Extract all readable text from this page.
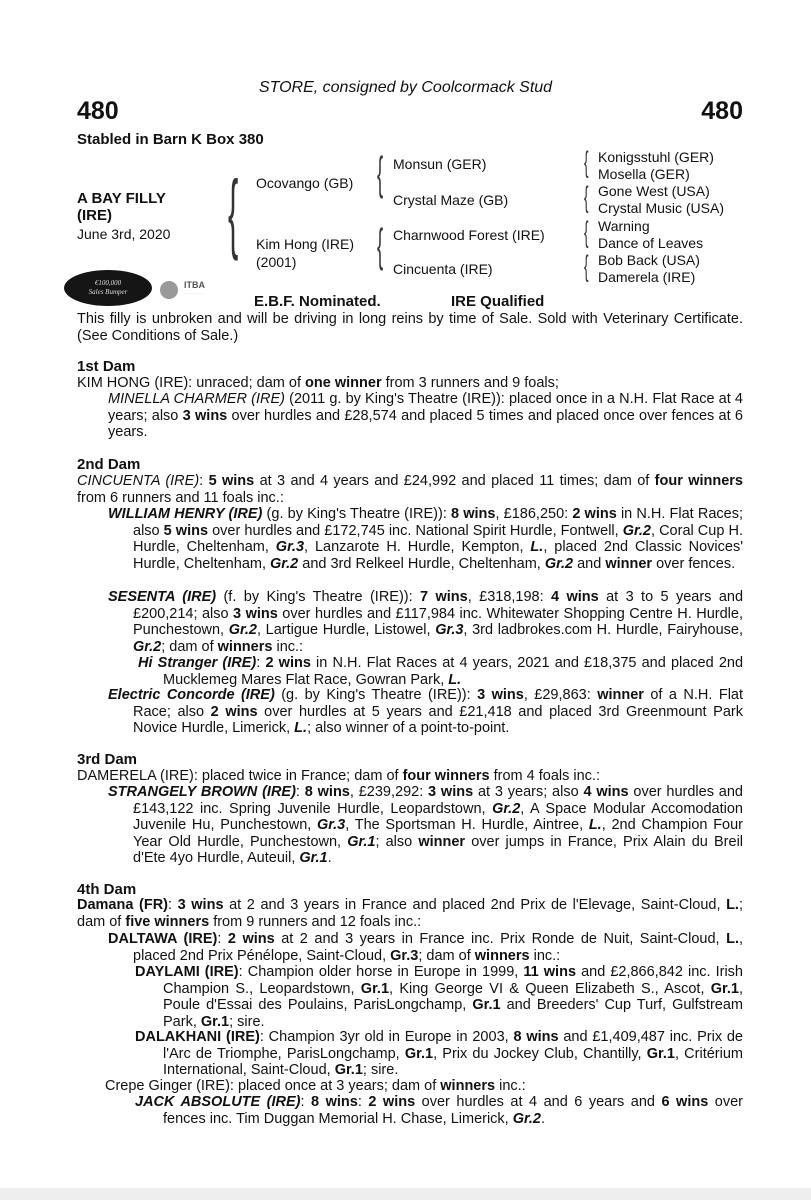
STORE, consigned by Coolcormack Stud
480	480
Stabled in Barn K Box 380
A BAY FILLY
(IRE)
June 3rd, 2020 { Ocovango (GB)
Kim Hong (IRE)
(2001)
{
{
Monsun (GER)
Crystal Maze (GB)
Charnwood Forest (IRE)
Cincuenta (IRE)
{
{
{
{
Konigsstuhl (GER)
Mosella (GER)
Gone West (USA)
Crystal Music (USA)
Warning
Dance of Leaves
Bob Back (USA)
Damerela (IRE)
€100,000
Sales Bumper
ITBA
· · · · · · ·	E.B.F. Nominated.	IRE Qualified
This filly is unbroken and will be driving in long reins by time of Sale. Sold with Veterinary Certificate. (See Conditions of Sale.)
1st Dam
KIM HONG (IRE): unraced; dam of one winner from 3 runners and 9 foals;
MINELLA CHARMER (IRE) (2011 g. by King's Theatre (IRE)): placed once in a N.H. Flat Race at 4 years; also 3 wins over hurdles and £28,574 and placed 5 times and placed once over fences at 6 years.
2nd Dam
CINCUENTA (IRE): 5 wins at 3 and 4 years and £24,992 and placed 11 times; dam of four winners from 6 runners and 11 foals inc.:
WILLIAM HENRY (IRE) (g. by King's Theatre (IRE)): 8 wins, £186,250: 2 wins in N.H. Flat Races; also 5 wins over hurdles and £172,745 inc. National Spirit Hurdle, Fontwell, Gr.2, Coral Cup H. Hurdle, Cheltenham, Gr.3, Lanzarote H. Hurdle, Kempton, L., placed 2nd Classic Novices' Hurdle, Cheltenham, Gr.2 and 3rd Relkeel Hurdle, Cheltenham, Gr.2 and winner over fences.
SESENTA (IRE) (f. by King's Theatre (IRE)): 7 wins, £318,198: 4 wins at 3 to 5 years and £200,214; also 3 wins over hurdles and £117,984 inc. Whitewater Shopping Centre H. Hurdle, Punchestown, Gr.2, Lartigue Hurdle, Listowel, Gr.3, 3rd ladbrokes.com H. Hurdle, Fairyhouse, Gr.2; dam of winners inc.:
Hi Stranger (IRE): 2 wins in N.H. Flat Races at 4 years, 2021 and £18,375 and placed 2nd Mucklemeg Mares Flat Race, Gowran Park, L.
Electric Concorde (IRE) (g. by King's Theatre (IRE)): 3 wins, £29,863: winner of a N.H. Flat Race; also 2 wins over hurdles at 5 years and £21,418 and placed 3rd Greenmount Park Novice Hurdle, Limerick, L.; also winner of a point-to-point.
3rd Dam
DAMERELA (IRE): placed twice in France; dam of four winners from 4 foals inc.:
STRANGELY BROWN (IRE): 8 wins, £239,292: 3 wins at 3 years; also 4 wins over hurdles and £143,122 inc. Spring Juvenile Hurdle, Leopardstown, Gr.2, A Space Modular Accomodation Juvenile Hu, Punchestown, Gr.3, The Sportsman H. Hurdle, Aintree, L., 2nd Champion Four Year Old Hurdle, Punchestown, Gr.1; also winner over jumps in France, Prix Alain du Breil d'Ete 4yo Hurdle, Auteuil, Gr.1.
4th Dam
Damana (FR): 3 wins at 2 and 3 years in France and placed 2nd Prix de l'Elevage, Saint-Cloud, L.; dam of five winners from 9 runners and 12 foals inc.:
DALTAWA (IRE): 2 wins at 2 and 3 years in France inc. Prix Ronde de Nuit, Saint-Cloud, L., placed 2nd Prix Pénélope, Saint-Cloud, Gr.3; dam of winners inc.:
DAYLAMI (IRE): Champion older horse in Europe in 1999, 11 wins and £2,866,842 inc. Irish Champion S., Leopardstown, Gr.1, King George VI & Queen Elizabeth S., Ascot, Gr.1, Poule d'Essai des Poulains, ParisLongchamp, Gr.1 and Breeders' Cup Turf, Gulfstream Park, Gr.1; sire.
DALAKHANI (IRE): Champion 3yr old in Europe in 2003, 8 wins and £1,409,487 inc. Prix de l'Arc de Triomphe, ParisLongchamp, Gr.1, Prix du Jockey Club, Chantilly, Gr.1, Critérium International, Saint-Cloud, Gr.1; sire.
Crepe Ginger (IRE): placed once at 3 years; dam of winners inc.:
JACK ABSOLUTE (IRE): 8 wins: 2 wins over hurdles at 4 and 6 years and 6 wins over fences inc. Tim Duggan Memorial H. Chase, Limerick, Gr.2.
